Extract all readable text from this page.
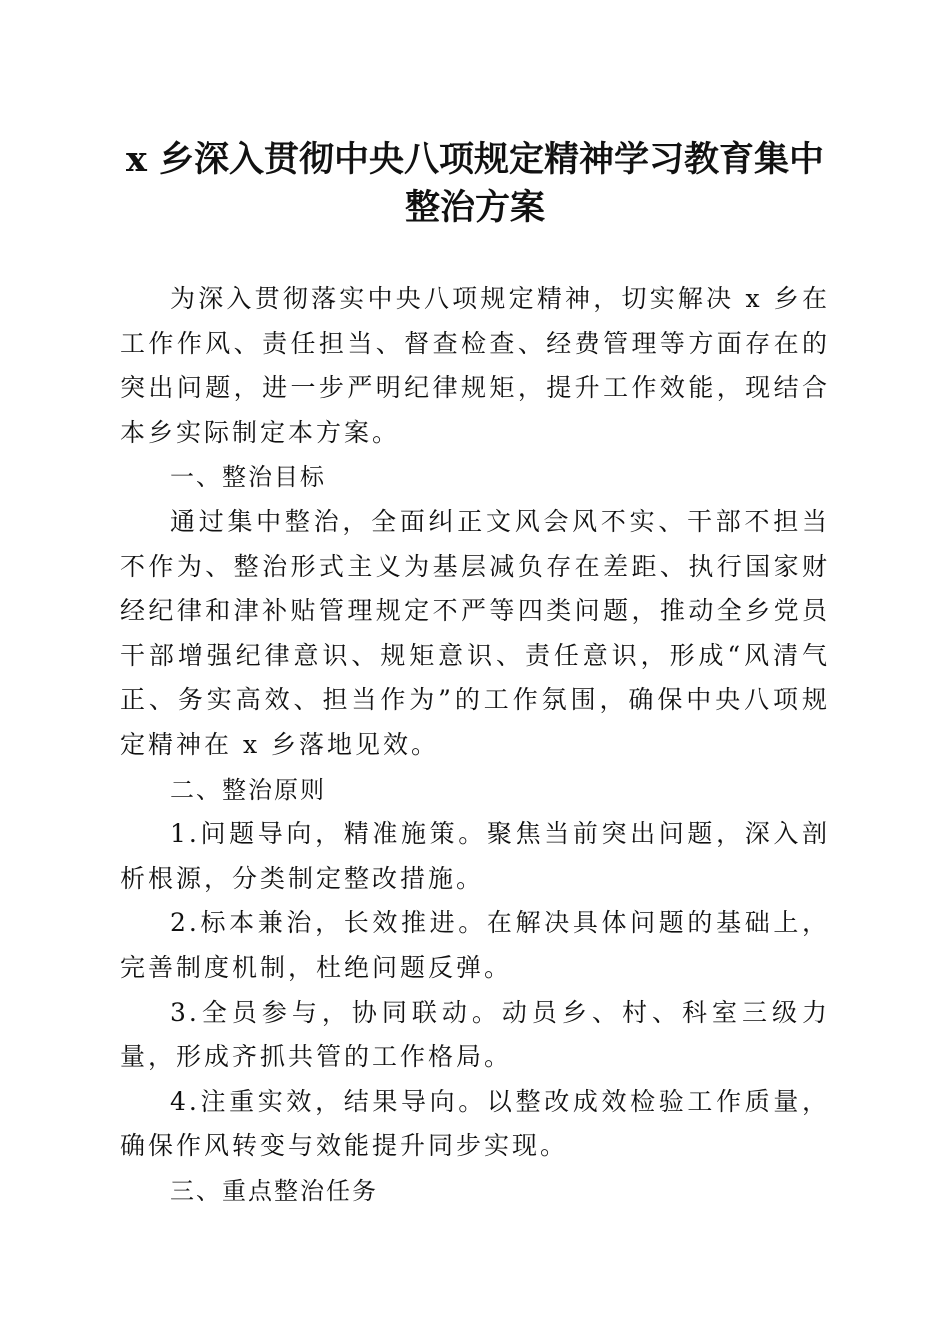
x 乡深入贯彻中央八项规定精神学习教育集中
整治方案

为深入贯彻落实中央八项规定精神，切实解决 x 乡在工作作风、责任担当、督查检查、经费管理等方面存在的突出问题，进一步严明纪律规矩，提升工作效能，现结合本乡实际制定本方案。

一、整治目标

通过集中整治，全面纠正文风会风不实、干部不担当不作为、整治形式主义为基层减负存在差距、执行国家财经纪律和津补贴管理规定不严等四类问题，推动全乡党员干部增强纪律意识、规矩意识、责任意识，形成“风清气正、务实高效、担当作为”的工作氛围，确保中央八项规定精神在 x 乡落地见效。

二、整治原则

1.问题导向，精准施策。聚焦当前突出问题，深入剖析根源，分类制定整改措施。

2.标本兼治，长效推进。在解决具体问题的基础上，完善制度机制，杜绝问题反弹。

3.全员参与，协同联动。动员乡、村、科室三级力量，形成齐抓共管的工作格局。

4.注重实效，结果导向。以整改成效检验工作质量，确保作风转变与效能提升同步实现。

三、重点整治任务
